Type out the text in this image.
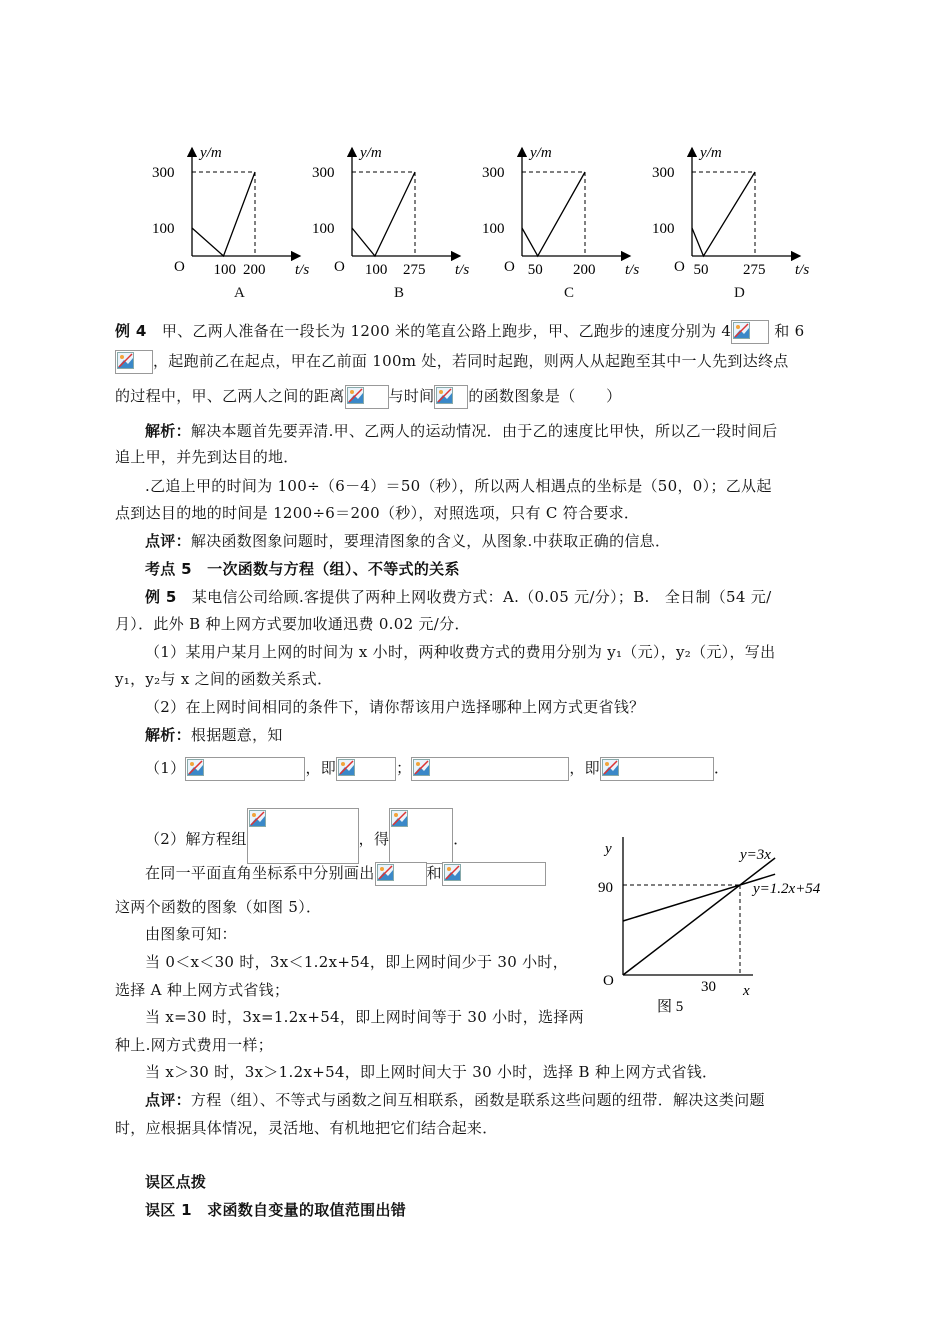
y/m
t/s
300
100
100 200
O
A
y/m
t/s
300
100
100 275
O
B
y/m
t/s
300
100
50 200
O
C
y/m
t/s
300
100
50 275
O
D
例 4　 甲、乙两人准备在一段长为 1200 米的笔直公路上跑步，甲、乙跑步的速度分别为 4	和 6
，起跑前乙在起点，甲在乙前面 100m 处，若同时起跑，则两人从起跑至其中一人先到达终点
的过程中，甲、乙两人之间的距离	与时间 的函数图象是（　　）
解析：解决本题首先要弄清.甲、乙两人的运动情况．由于乙的速度比甲快，所以乙一段时间后
追上甲，并先到达目的地．
.乙追上甲的时间为 100÷（6－4）＝50（秒），所以两人相遇点的坐标是（50，0）；乙从起
点到达目的地的时间是 1200÷6＝200（秒），对照选项，只有 C 符合要求．
点评：解决函数图象问题时，要理清图象的含义，从图象.中获取正确的信息．
考点 5　一次函数与方程（组）、不等式的关系
例 5　 某电信公司给顾.客提供了两种上网收费方式：A.（0.05 元/分）；B.　全日制（54 元/
月）．此外 B 种上网方式要加收通迅费 0.02 元/分．
（1）某用户某月上网的时间为 x 小时，两种收费方式的费用分别为 y₁（元），y₂（元），写出
y₁，y₂与 x 之间的函数关系式．
（2）在上网时间相同的条件下，请你帮该用户选择哪种上网方式更省钱？
解析：根据题意，知
（1）	，即	；	，即	．
（2）解方程组	，得	．
在同一平面直角坐标系中分别画出	和
这两个函数的图象（如图 5）．
由图象可知：
当 0＜x＜30 时，3x＜1.2x+54，即上网时间少于 30 小时，
选择 A 种上网方式省钱；
当 x=30 时，3x=1.2x+54，即上网时间等于 30 小时，选择两
种上.网方式费用一样；
当 x＞30 时，3x＞1.2x+54，即上网时间大于 30 小时，选择 B 种上网方式省钱．
点评：方程（组）、不等式与函数之间互相联系，函数是联系这些问题的纽带．解决这类问题
时，应根据具体情况，灵活地、有机地把它们结合起来．
误区点拨
误区 1　求函数自变量的取值范围出错
y
x
O
90
30
y=3x
y=1.2x+54
图 5
